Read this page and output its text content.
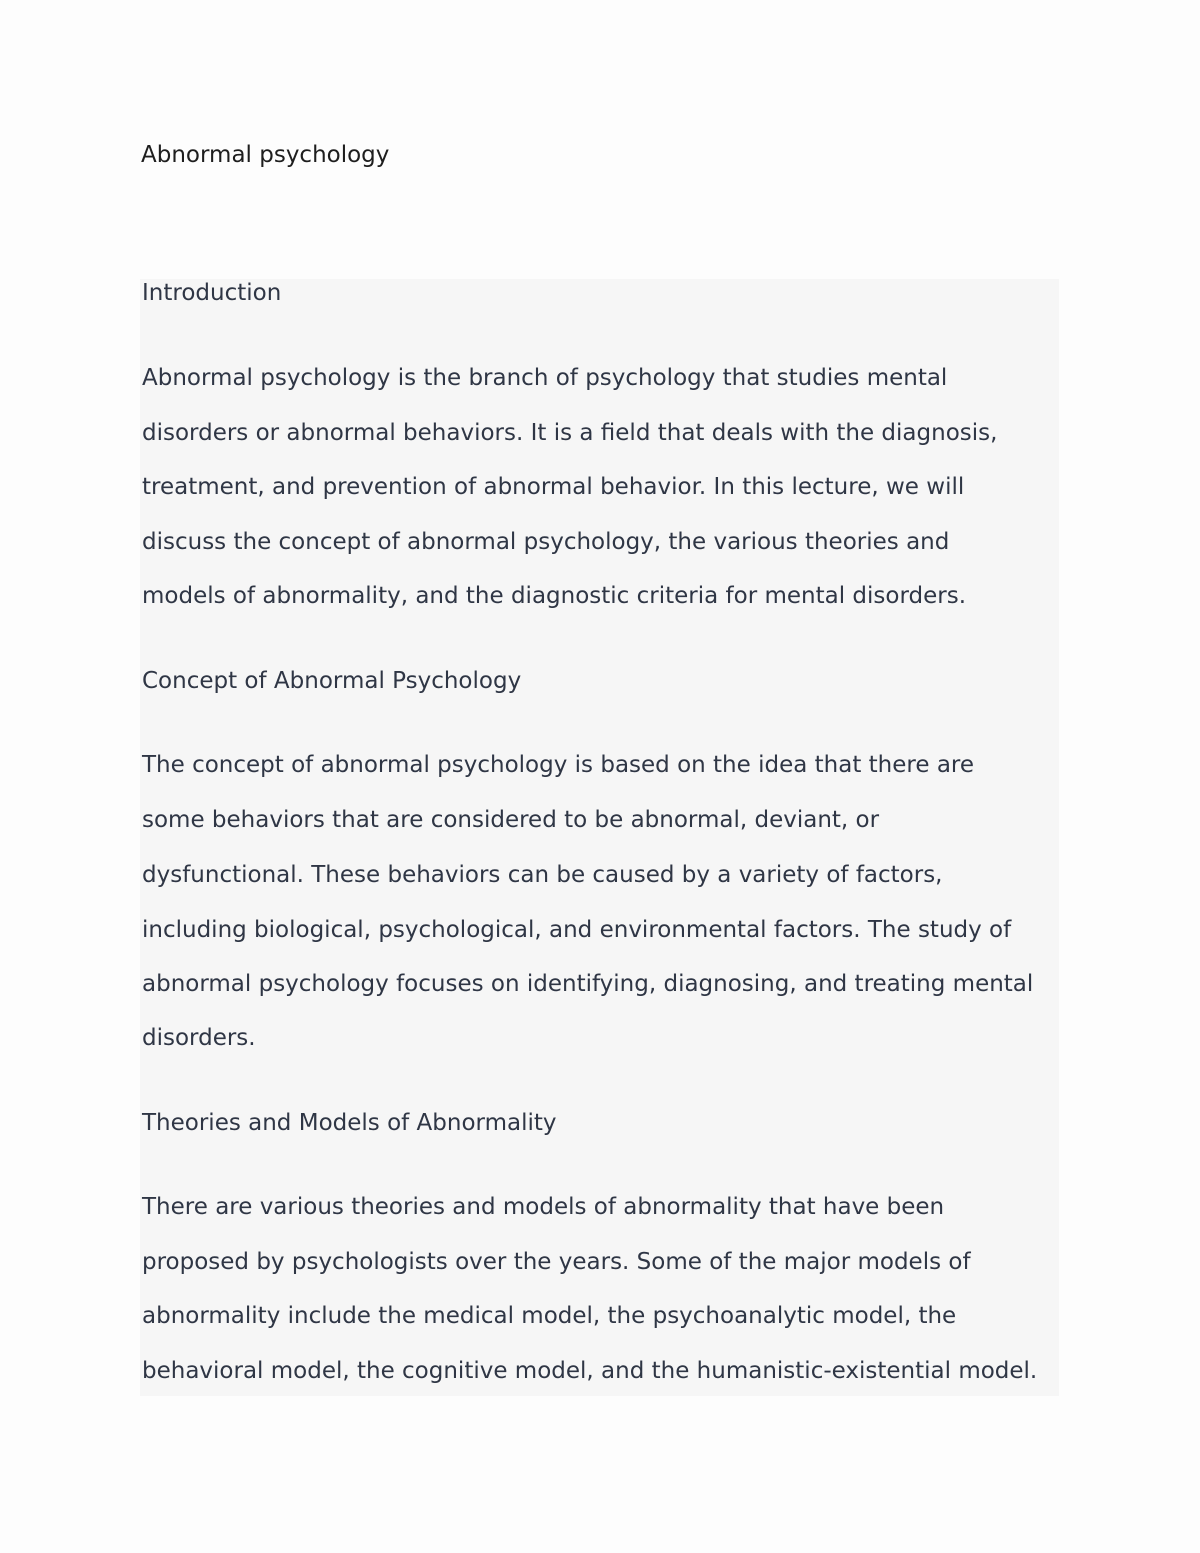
Abnormal psychology
Introduction

Abnormal psychology is the branch of psychology that studies mental

disorders or abnormal behaviors. It is a field that deals with the diagnosis,

treatment, and prevention of abnormal behavior. In this lecture, we will

discuss the concept of abnormal psychology, the various theories and

models of abnormality, and the diagnostic criteria for mental disorders.

Concept of Abnormal Psychology

The concept of abnormal psychology is based on the idea that there are

some behaviors that are considered to be abnormal, deviant, or

dysfunctional. These behaviors can be caused by a variety of factors,

including biological, psychological, and environmental factors. The study of

abnormal psychology focuses on identifying, diagnosing, and treating mental

disorders.

Theories and Models of Abnormality

There are various theories and models of abnormality that have been

proposed by psychologists over the years. Some of the major models of

abnormality include the medical model, the psychoanalytic model, the

behavioral model, the cognitive model, and the humanistic-existential model.
